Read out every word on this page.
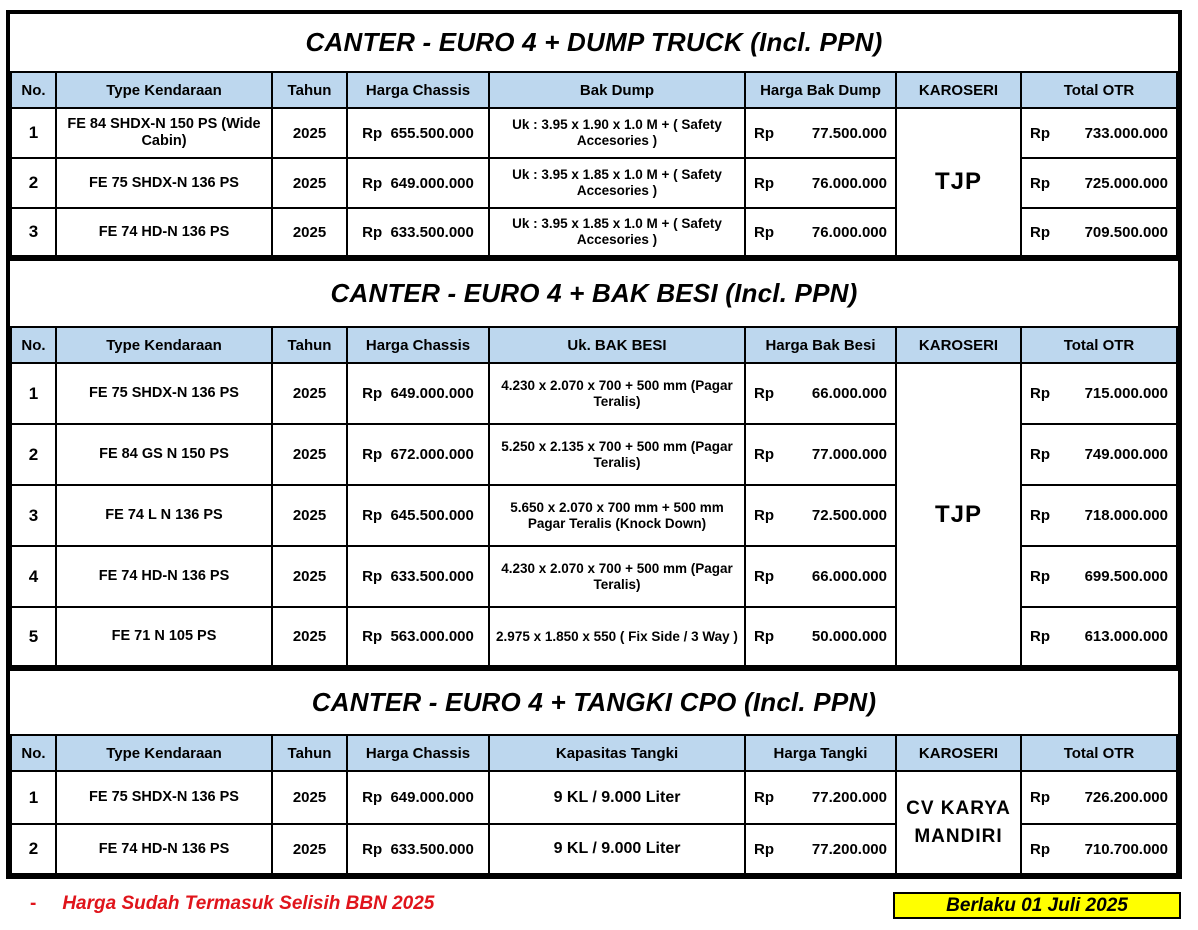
CANTER - EURO 4 + DUMP TRUCK (Incl. PPN)							
No.	Type Kendaraan	Tahun	Harga Chassis	Bak Dump	Harga Bak Dump	KAROSERI	Total OTR
1	FE 84 SHDX-N 150 PS (Wide Cabin)	2025	Rp 655.500.000	Uk : 3.95 x 1.90 x 1.0 M + ( Safety Accesories )	Rp 77.500.000	TJP	Rp 733.000.000

2	FE 75 SHDX-N 136 PS	2025	Rp 649.000.000	Uk : 3.95 x 1.85 x 1.0 M + ( Safety Accesories )	Rp 76.000.000		Rp 725.000.000

3	FE 74 HD-N 136 PS	2025	Rp 633.500.000	Uk : 3.95 x 1.85 x 1.0 M + ( Safety Accesories )	Rp 76.000.000		Rp 709.500.000
CANTER - EURO 4 + BAK BESI (Incl. PPN)							
No.	Type Kendaraan	Tahun	Harga Chassis	Uk. BAK BESI	Harga Bak Besi	KAROSERI	Total OTR
1	FE 75 SHDX-N 136 PS	2025	Rp 649.000.000	4.230 x 2.070 x 700 + 500 mm (Pagar Teralis)	Rp 66.000.000	TJP	Rp 715.000.000

2	FE 84 GS N 150 PS	2025	Rp 672.000.000	5.250 x 2.135 x 700 + 500 mm (Pagar Teralis)	Rp 77.000.000		Rp 749.000.000

3	FE 74 L N 136 PS	2025	Rp 645.500.000	5.650 x 2.070 x 700 mm + 500 mm Pagar Teralis (Knock Down)	Rp 72.500.000		Rp 718.000.000

4	FE 74 HD-N 136 PS	2025	Rp 633.500.000	4.230 x 2.070 x 700 + 500 mm (Pagar Teralis)	Rp 66.000.000		Rp 699.500.000

5	FE 71 N 105 PS	2025	Rp 563.000.000	2.975 x 1.850 x 550 ( Fix Side / 3 Way )	Rp 50.000.000		Rp 613.000.000
CANTER - EURO 4 + TANGKI CPO (Incl. PPN)							
No.	Type Kendaraan	Tahun	Harga Chassis	Kapasitas Tangki	Harga Tangki	KAROSERI	Total OTR
1	FE 75 SHDX-N 136 PS	2025	Rp 649.000.000	9 KL / 9.000 Liter	Rp 77.200.000	CV KARYA MANDIRI	Rp 726.200.000

2	FE 74 HD-N 136 PS	2025	Rp 633.500.000	9 KL / 9.000 Liter	Rp 77.200.000		Rp 710.700.000
- Harga Sudah Termasuk Selisih BBN 2025	Berlaku 01 Juli 2025
